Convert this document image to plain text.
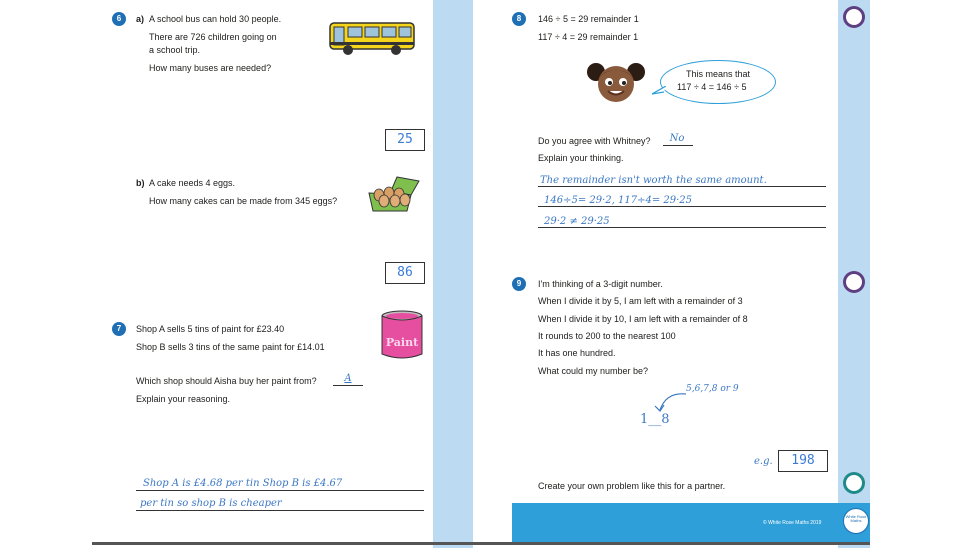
6	a) A school bus can hold 30 people.
There are 726 children going on
a school trip.
How many buses are needed?
25
b) A cake needs 4 eggs.
How many cakes can be made from 345 eggs?
86
7	Shop A sells 5 tins of paint for £23.40
Shop B sells 3 tins of the same paint for £14.01
Which shop should Aisha buy her paint from?	A
Explain your reasoning.
Paint
Shop A is £4.68 per tin Shop B is £4.67
per tin so shop B is cheaper
8	146 ÷ 5 = 29 remainder 1
117 ÷ 4 = 29 remainder 1
This means that
117 ÷ 4 = 146 ÷ 5
Do you agree with Whitney?	No
Explain your thinking.
The remainder isn't worth the same amount.
146÷5= 29·2, 117÷4= 29·25
29·2 ≠ 29·25
9	I'm thinking of a 3-digit number.
When I divide it by 5, I am left with a remainder of 3
When I divide it by 10, I am left with a remainder of 8
It rounds to 200 to the nearest 100
It has one hundred.
What could my number be?
5,6,7,8 or 9
1__8
e.g.	198
Create your own problem like this for a partner.
© White Rose Maths 2019
White Rose Maths
